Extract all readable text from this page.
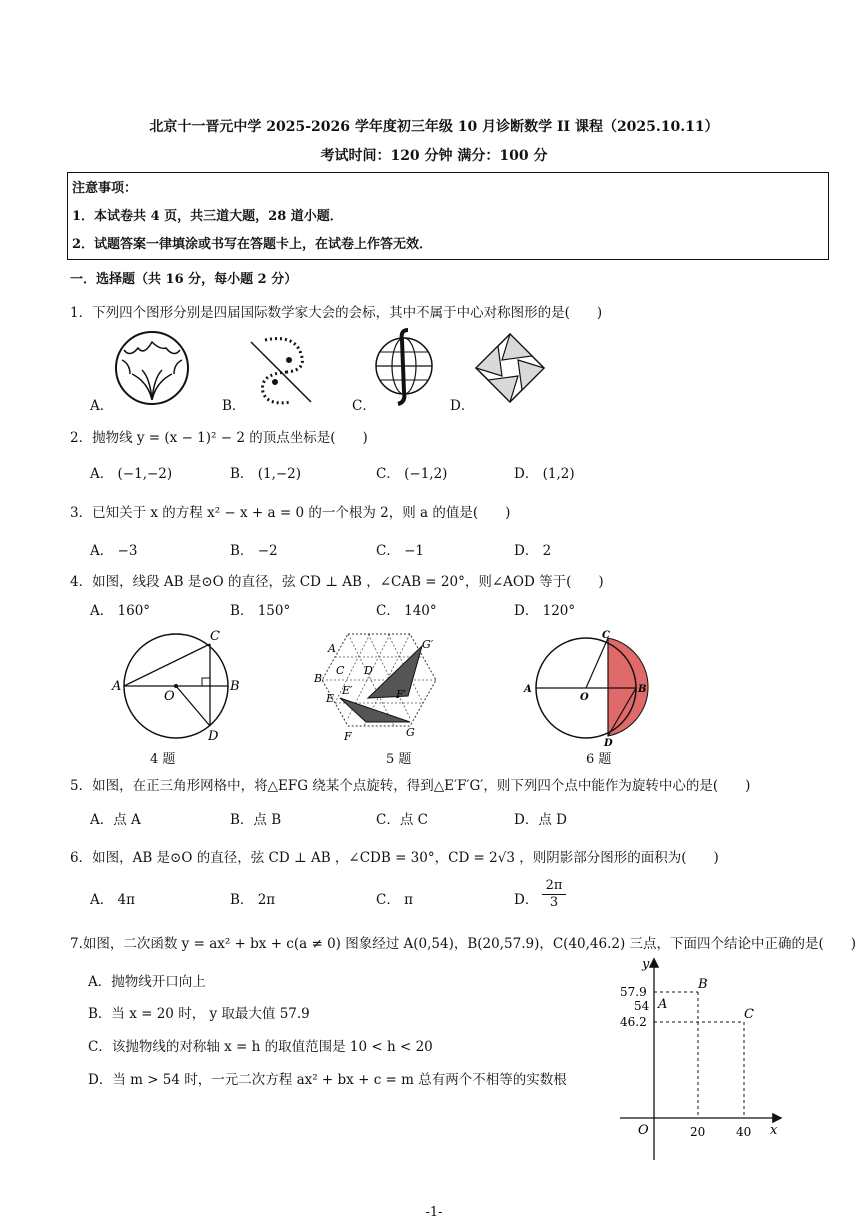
北京十一晋元中学 2025-2026 学年度初三年级 10 月诊断数学 II 课程（2025.10.11）
考试时间：120 分钟 满分：100 分
注意事项：
1．本试卷共 4 页，共三道大题，28 道小题．
2．试题答案一律填涂或书写在答题卡上，在试卷上作答无效．
一．选择题（共 16 分，每小题 2 分）
1．下列四个图形分别是四届国际数学家大会的会标，其中不属于中心对称图形的是(　　)
A．	B．	C．	D．
2．抛物线 y = (x − 1)² − 2 的顶点坐标是(　　)
A． (−1,−2)	B． (1,−2)	C． (−1,2)	D． (1,2)
3．已知关于 x 的方程 x² − x + a = 0 的一个根为 2，则 a 的值是(　　)
A． −3	B． −2	C． −1	D． 2
4．如图，线段 AB 是⊙O 的直径，弦 CD ⊥ AB ，∠CAB = 20°，则∠AOD 等于(　　)
A． 160°	B． 150°	C． 140°	D． 120°
A	B
C
D
O
4 题
A
B
C D
E
F	G
E′	F′
G′
5 题
A	B
C
D
O
6 题
5．如图，在正三角形网格中，将△EFG 绕某个点旋转，得到△E′F′G′，则下列四个点中能作为旋转中心的是(　　)
A．点 A	B．点 B	C．点 C	D．点 D
6．如图，AB 是⊙O 的直径，弦 CD ⊥ AB ，∠CDB = 30°，CD = 2√3 ，则阴影部分图形的面积为(　　)
A． 4π	B． 2π	C． π	D． $\frac{2\pi}{3}$
7.如图，二次函数 y = ax² + bx + c(a ≠ 0) 图象经过 A(0,54)，B(20,57.9)，C(40,46.2) 三点，下面四个结论中正确的是(　　)
A．抛物线开口向上
B．当 x = 20 时， y 取最大值 57.9
C．该抛物线的对称轴 x = h 的取值范围是 10 < h < 20
D．当 m > 54 时，一元二次方程 ax² + bx + c = m 总有两个不相等的实数根
y
x
O
57.9
54
46.2
20	40
A
B
C
-1-
